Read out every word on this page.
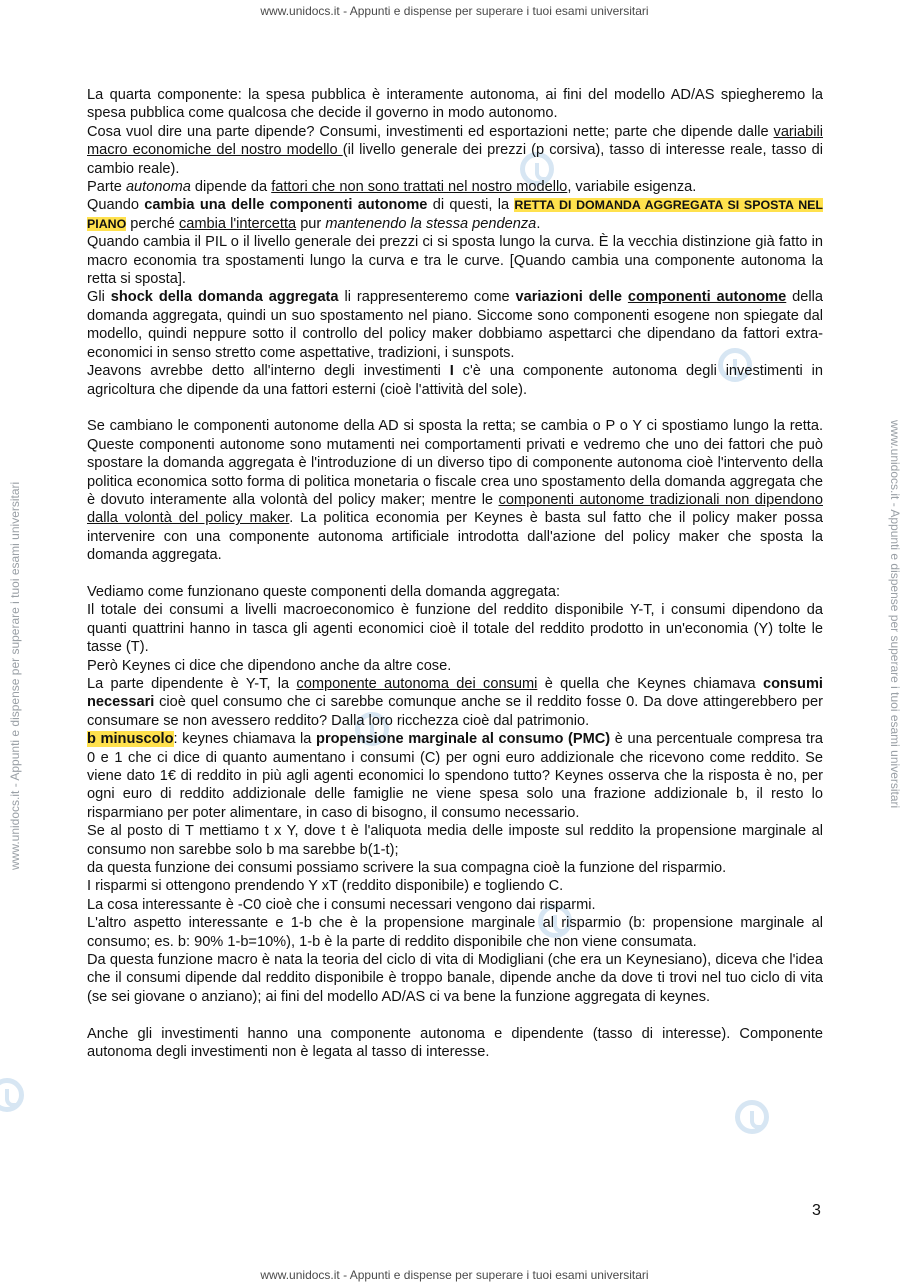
www.unidocs.it - Appunti e dispense per superare i tuoi esami universitari
www.unidocs.it - Appunti e dispense per superare i tuoi esami universitari	www.unidocs.it - Appunti e dispense per superare i tuoi esami universitari

La quarta componente: la spesa pubblica è interamente autonoma, ai fini del modello AD/AS spiegheremo la spesa pubblica come qualcosa che decide il governo in modo autonomo.

Cosa vuol dire una parte dipende? Consumi, investimenti ed esportazioni nette; parte che dipende dalle variabili macro economiche del nostro modello (il livello generale dei prezzi (p corsiva), tasso di interesse reale, tasso di cambio reale).

Parte autonoma dipende da fattori che non sono trattati nel nostro modello, variabile esigenza.

Quando cambia una delle componenti autonome di questi, la RETTA DI DOMANDA AGGREGATA SI SPOSTA NEL PIANO perché cambia l'intercetta pur mantenendo la stessa pendenza.

Quando cambia il PIL o il livello generale dei prezzi ci si sposta lungo la curva. È la vecchia distinzione già fatto in macro economia tra spostamenti lungo la curva e tra le curve. [Quando cambia una componente autonoma la retta si sposta].

Gli shock della domanda aggregata li rappresenteremo come variazioni delle componenti autonome della domanda aggregata, quindi un suo spostamento nel piano. Siccome sono componenti esogene non spiegate dal modello, quindi neppure sotto il controllo del policy maker dobbiamo aspettarci che dipendano da fattori extra-economici in senso stretto come aspettative, tradizioni, i sunspots.

Jeavons avrebbe detto all'interno degli investimenti I c'è una componente autonoma degli investimenti in agricoltura che dipende da una fattori esterni (cioè l'attività del sole).

Se cambiano le componenti autonome della AD si sposta la retta; se cambia o P o Y ci spostiamo lungo la retta. Queste componenti autonome sono mutamenti nei comportamenti privati e vedremo che uno dei fattori che può spostare la domanda aggregata è l'introduzione di un diverso tipo di componente autonoma cioè l'intervento della politica economica sotto forma di politica monetaria o fiscale crea uno spostamento della domanda aggregata che è dovuto interamente alla volontà del policy maker; mentre le componenti autonome tradizionali non dipendono dalla volontà del policy maker. La politica economia per Keynes è basta sul fatto che il policy maker possa intervenire con una componente autonoma artificiale introdotta dall'azione del policy maker che sposta la domanda aggregata.

Vediamo come funzionano queste componenti della domanda aggregata:

Il totale dei consumi a livelli macroeconomico è funzione del reddito disponibile Y-T, i consumi dipendono da quanti quattrini hanno in tasca gli agenti economici cioè il totale del reddito prodotto in un'economia (Y) tolte le tasse (T).

Però Keynes ci dice che dipendono anche da altre cose.

La parte dipendente è Y-T, la componente autonoma dei consumi è quella che Keynes chiamava consumi necessari cioè quel consumo che ci sarebbe comunque anche se il reddito fosse 0. Da dove attingerebbero per consumare se non avessero reddito? Dalla loro ricchezza cioè dal patrimonio.

b minuscolo: keynes chiamava la propensione marginale al consumo (PMC) è una percentuale compresa tra 0 e 1 che ci dice di quanto aumentano i consumi (C) per ogni euro addizionale che ricevono come reddito. Se viene dato 1€ di reddito in più agli agenti economici lo spendono tutto? Keynes osserva che la risposta è no, per ogni euro di reddito addizionale delle famiglie ne viene spesa solo una frazione addizionale b, il resto lo risparmiano per poter alimentare, in caso di bisogno, il consumo necessario.

Se al posto di T mettiamo t x Y, dove t è l'aliquota media delle imposte sul reddito la propensione marginale al consumo non sarebbe solo b ma sarebbe b(1-t);

da questa funzione dei consumi possiamo scrivere la sua compagna cioè la funzione del risparmio.

I risparmi si ottengono prendendo Y xT (reddito disponibile) e togliendo C.

La cosa interessante è -C0 cioè che i consumi necessari vengono dai risparmi.

L'altro aspetto interessante e 1-b che è la propensione marginale al risparmio (b: propensione marginale al consumo; es. b: 90% 1-b=10%), 1-b è la parte di reddito disponibile che non viene consumata.

Da questa funzione macro è nata la teoria del ciclo di vita di Modigliani (che era un Keynesiano), diceva che l'idea che il consumi dipende dal reddito disponibile è troppo banale, dipende anche da dove ti trovi nel tuo ciclo di vita (se sei giovane o anziano); ai fini del modello AD/AS ci va bene la funzione aggregata di keynes.

Anche gli investimenti hanno una componente autonoma e dipendente (tasso di interesse). Componente autonoma degli investimenti non è legata al tasso di interesse.

3
www.unidocs.it - Appunti e dispense per superare i tuoi esami universitari
